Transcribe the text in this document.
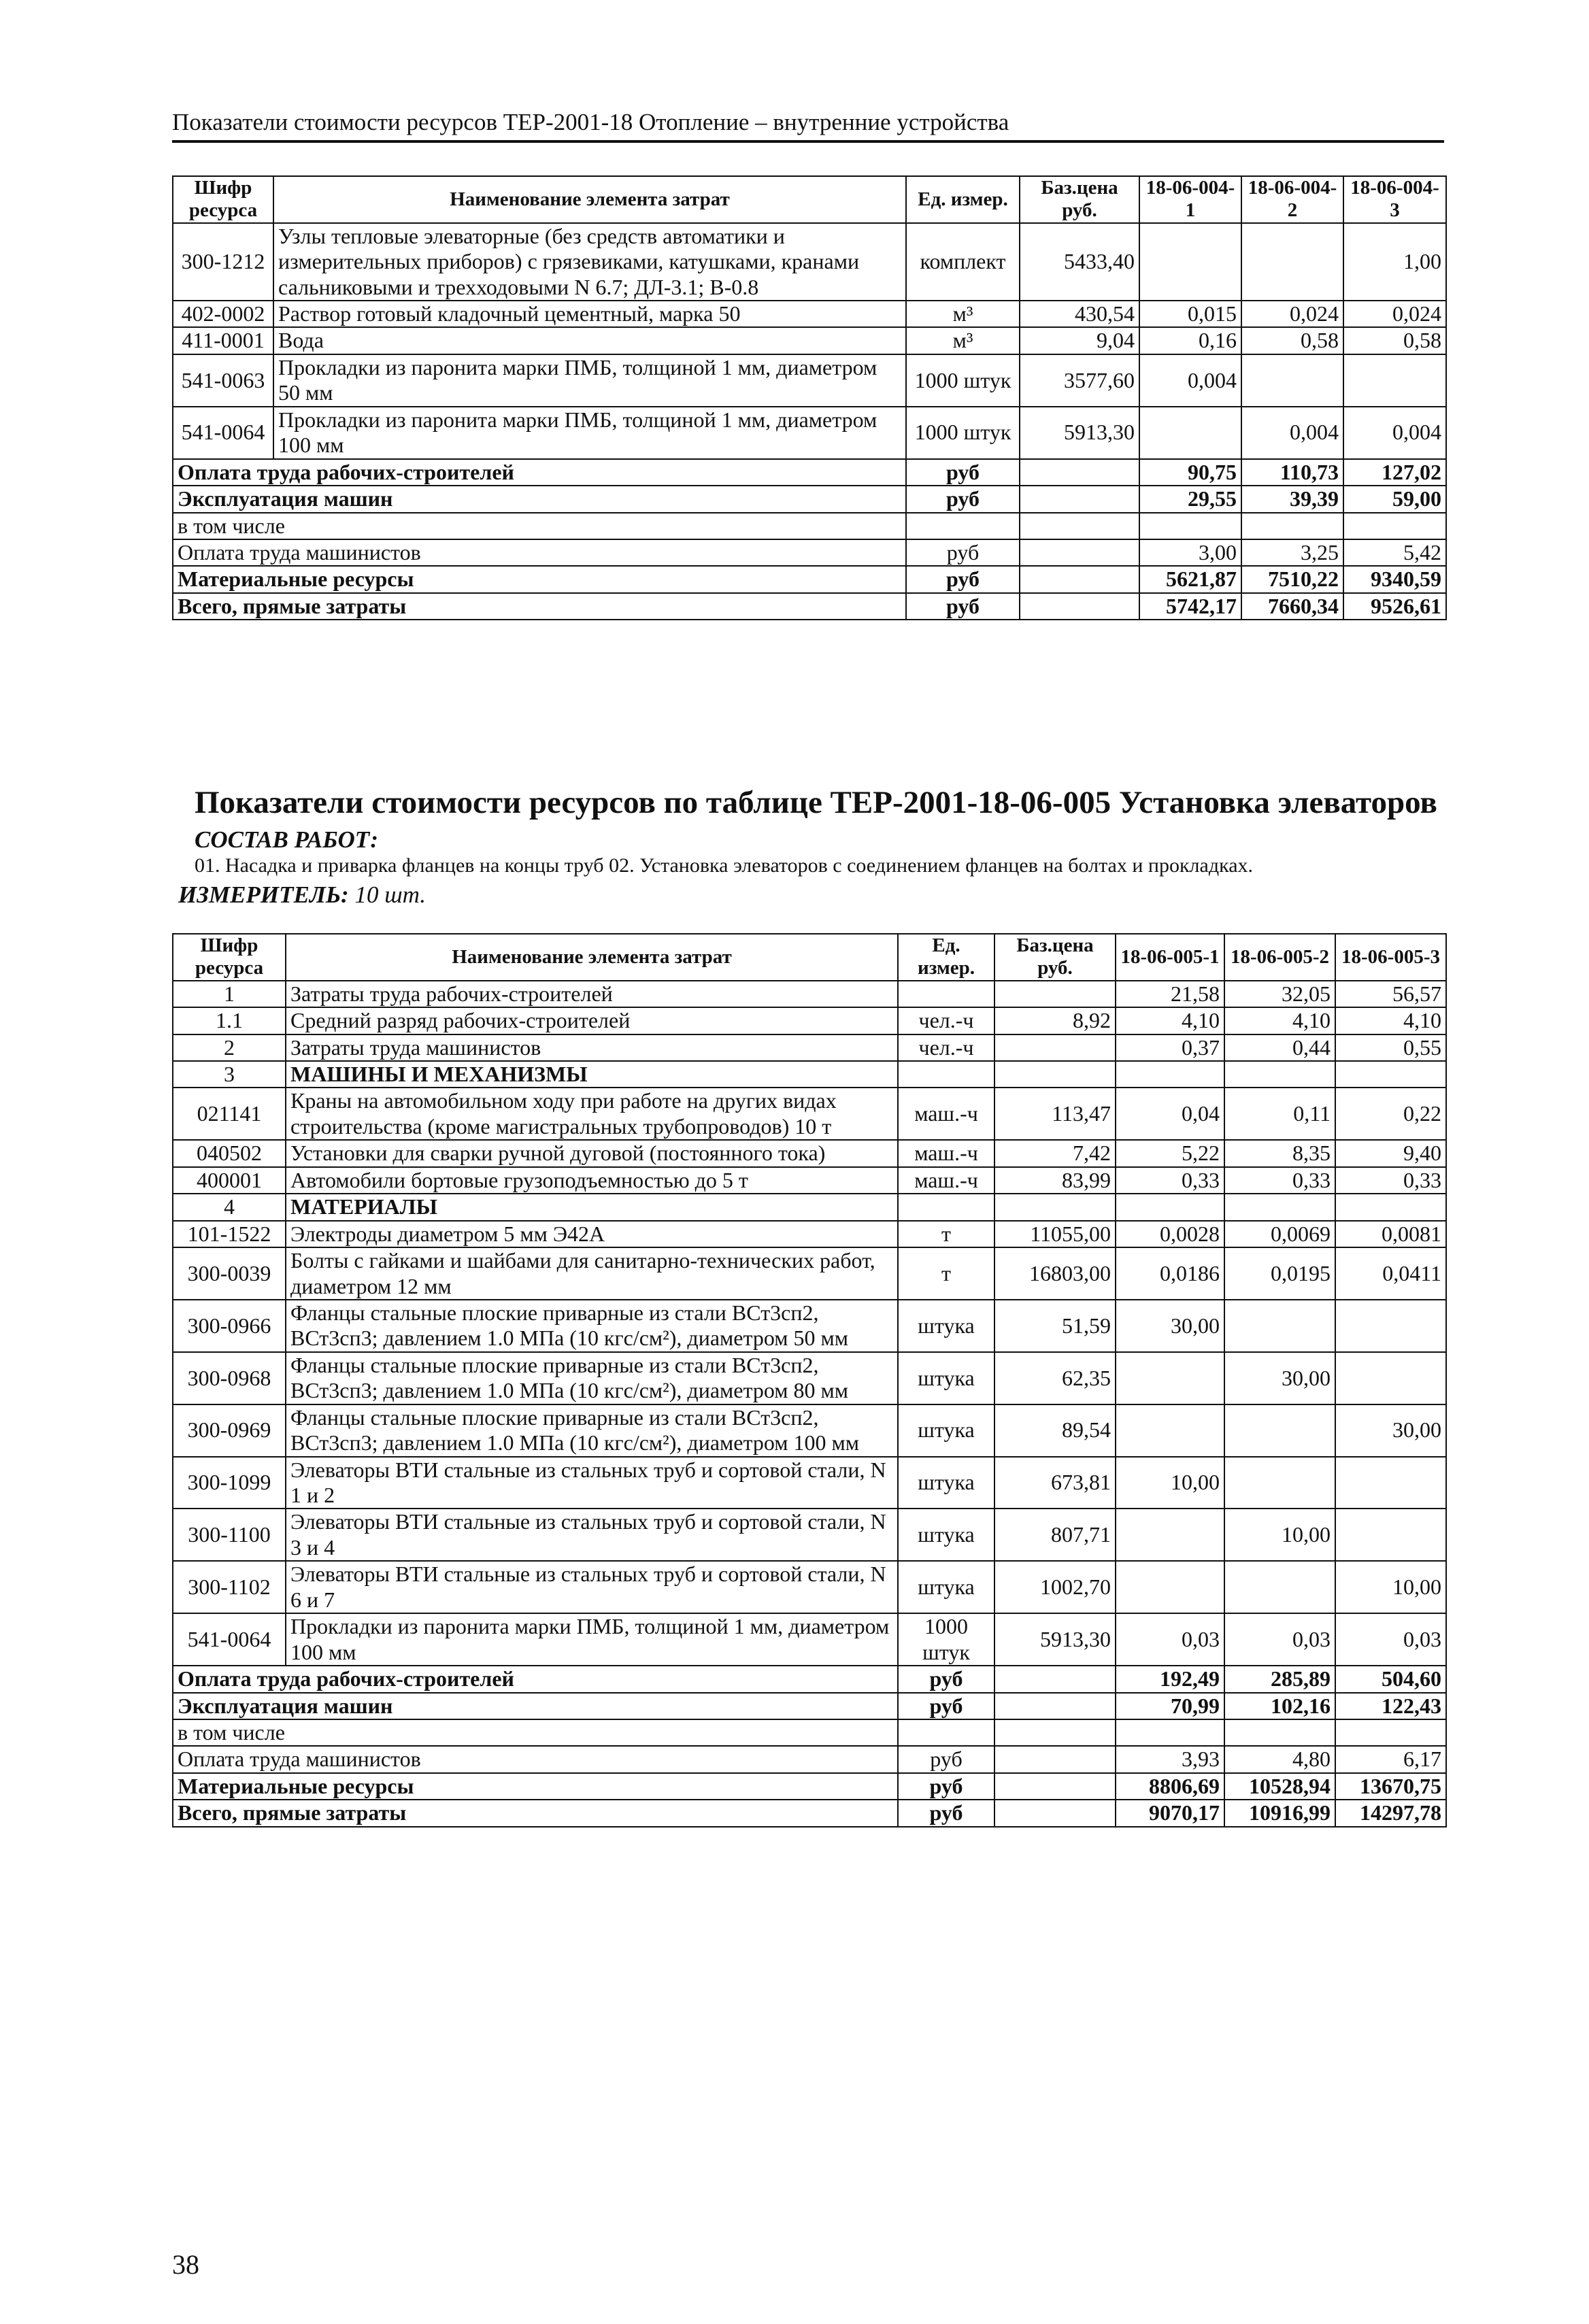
Показатели стоимости ресурсов ТЕР-2001-18 Отопление – внутренние устройства
Шифр ресурса	Наименование элемента затрат	Ед. измер.	Баз.цена руб.	18-06-004-1	18-06-004-2	18-06-004-3
300-1212	Узлы тепловые элеваторные (без средств автоматики и измерительных приборов) с грязевиками, катушками, кранами сальниковыми и трехходовыми N 6.7; ДЛ-3.1; В-0.8	комплект	5433,40			1,00
402-0002	Раствор готовый кладочный цементный, марка 50	м³	430,54	0,015	0,024	0,024
411-0001	Вода	м³	9,04	0,16	0,58	0,58
541-0063	Прокладки из паронита марки ПМБ, толщиной 1 мм, диаметром 50 мм	1000 штук	3577,60	0,004		
541-0064	Прокладки из паронита марки ПМБ, толщиной 1 мм, диаметром 100 мм	1000 штук	5913,30		0,004	0,004
Оплата труда рабочих-строителей		руб		90,75	110,73	127,02
Эксплуатация машин		руб		29,55	39,39	59,00
в том числе						
Оплата труда машинистов		руб		3,00	3,25	5,42
Материальные ресурсы		руб		5621,87	7510,22	9340,59
Всего, прямые затраты		руб		5742,17	7660,34	9526,61
Показатели стоимости ресурсов по таблице ТЕР-2001-18-06-005 Установка элеваторов
СОСТАВ РАБОТ:
01. Насадка и приварка фланцев на концы труб 02. Установка элеваторов с соединением фланцев на болтах и прокладках.
ИЗМЕРИТЕЛЬ: 10 шт.
Шифр ресурса	Наименование элемента затрат	Ед. измер.	Баз.цена руб.	18-06-005-1	18-06-005-2	18-06-005-3
1	Затраты труда рабочих-строителей			21,58	32,05	56,57
1.1	Средний разряд рабочих-строителей	чел.-ч	8,92	4,10	4,10	4,10
2	Затраты труда машинистов	чел.-ч		0,37	0,44	0,55
3	МАШИНЫ И МЕХАНИЗМЫ					
021141	Краны на автомобильном ходу при работе на других видах строительства (кроме магистральных трубопроводов) 10 т	маш.-ч	113,47	0,04	0,11	0,22
040502	Установки для сварки ручной дуговой (постоянного тока)	маш.-ч	7,42	5,22	8,35	9,40
400001	Автомобили бортовые грузоподъемностью до 5 т	маш.-ч	83,99	0,33	0,33	0,33
4	МАТЕРИАЛЫ					
101-1522	Электроды диаметром 5 мм Э42А	т	11055,00	0,0028	0,0069	0,0081
300-0039	Болты с гайками и шайбами для санитарно-технических работ, диаметром 12 мм	т	16803,00	0,0186	0,0195	0,0411
300-0966	Фланцы стальные плоские приварные из стали ВСт3сп2, ВСт3сп3; давлением 1.0 МПа (10 кгс/см²), диаметром 50 мм	штука	51,59	30,00		
300-0968	Фланцы стальные плоские приварные из стали ВСт3сп2, ВСт3сп3; давлением 1.0 МПа (10 кгс/см²), диаметром 80 мм	штука	62,35		30,00	
300-0969	Фланцы стальные плоские приварные из стали ВСт3сп2, ВСт3сп3; давлением 1.0 МПа (10 кгс/см²), диаметром 100 мм	штука	89,54			30,00
300-1099	Элеваторы ВТИ стальные из стальных труб и сортовой стали, N 1 и 2	штука	673,81	10,00		
300-1100	Элеваторы ВТИ стальные из стальных труб и сортовой стали, N 3 и 4	штука	807,71		10,00	
300-1102	Элеваторы ВТИ стальные из стальных труб и сортовой стали, N 6 и 7	штука	1002,70			10,00
541-0064	Прокладки из паронита марки ПМБ, толщиной 1 мм, диаметром 100 мм	1000 штук	5913,30	0,03	0,03	0,03
Оплата труда рабочих-строителей		руб		192,49	285,89	504,60
Эксплуатация машин		руб		70,99	102,16	122,43
в том числе						
Оплата труда машинистов		руб		3,93	4,80	6,17
Материальные ресурсы		руб		8806,69	10528,94	13670,75
Всего, прямые затраты		руб		9070,17	10916,99	14297,78
38
